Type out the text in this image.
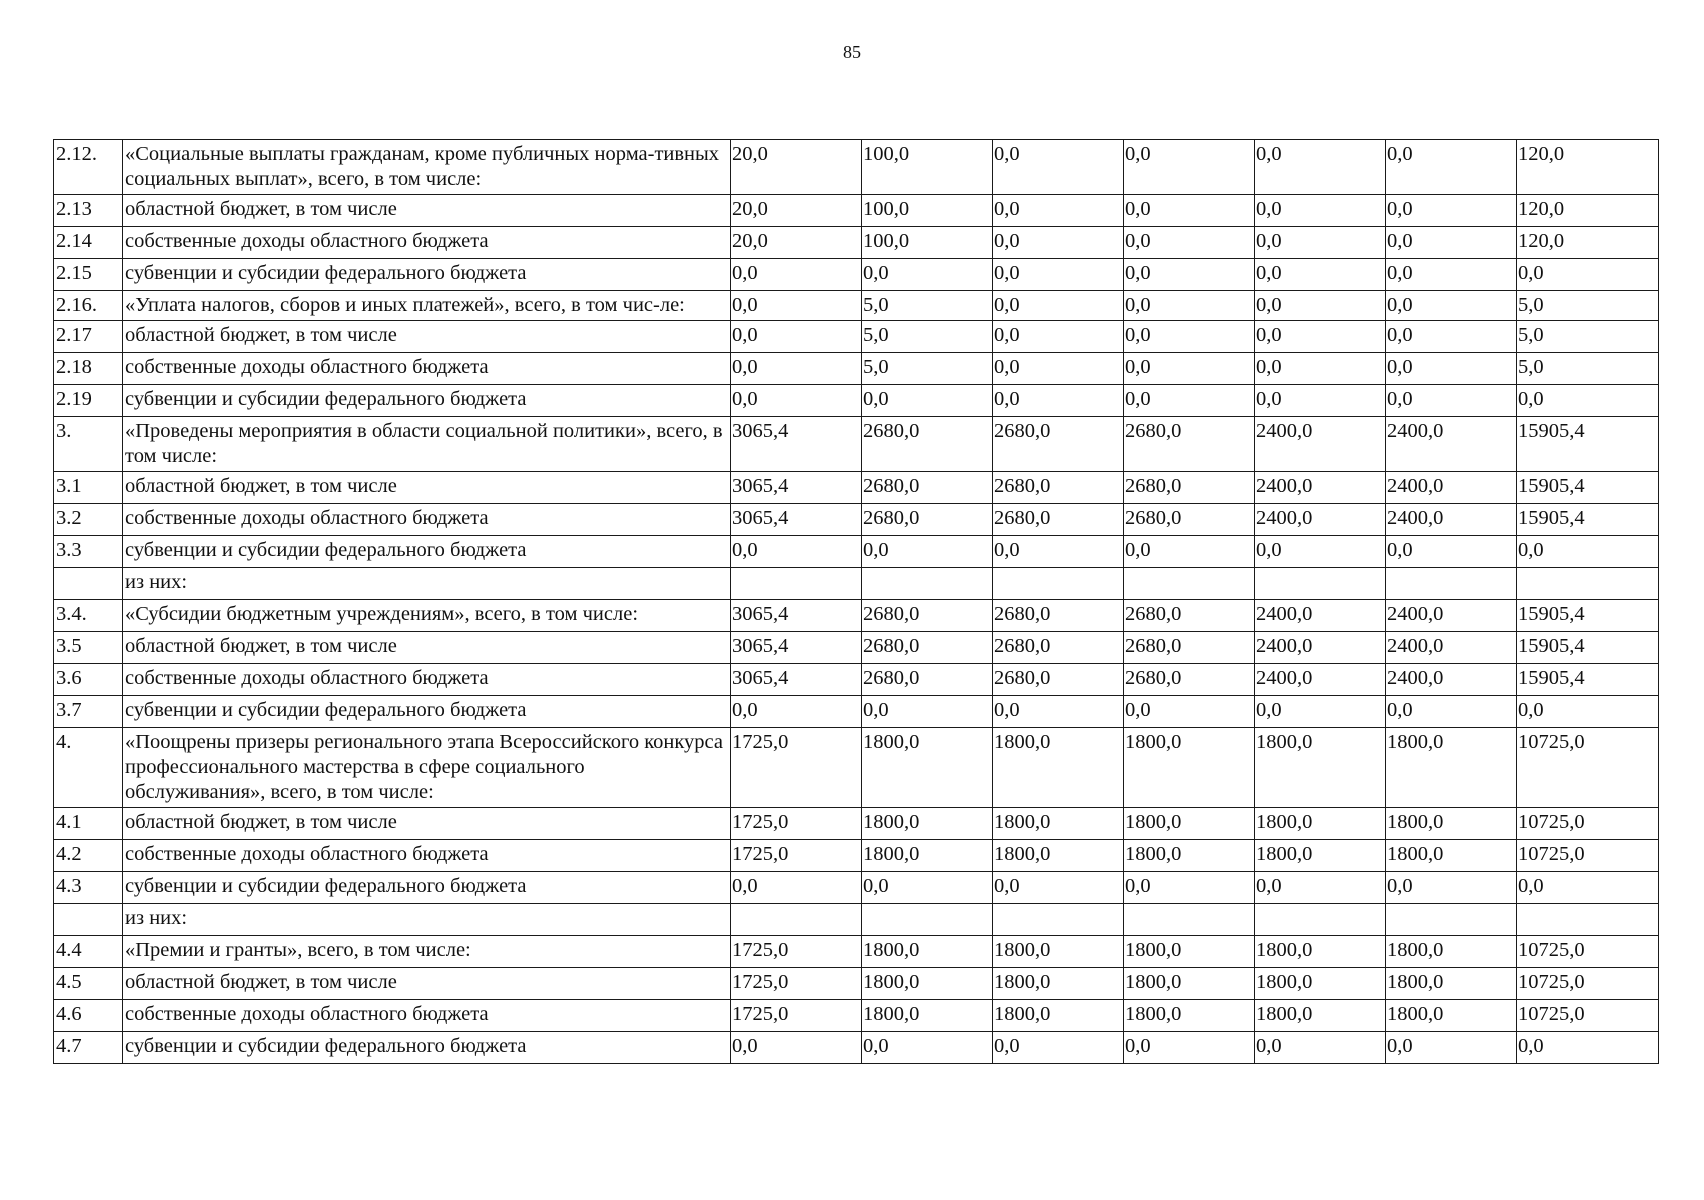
85
2.12.	«Социальные выплаты гражданам, кроме публичных норма-тивных социальных выплат», всего, в том числе:	20,0	100,0	0,0	0,0	0,0	0,0	120,0
2.13	областной бюджет, в том числе	20,0	100,0	0,0	0,0	0,0	0,0	120,0
2.14	собственные доходы областного бюджета	20,0	100,0	0,0	0,0	0,0	0,0	120,0
2.15	субвенции и субсидии федерального бюджета	0,0	0,0	0,0	0,0	0,0	0,0	0,0
2.16.	«Уплата налогов, сборов и иных платежей», всего, в том чис-ле:	0,0	5,0	0,0	0,0	0,0	0,0	5,0
2.17	областной бюджет, в том числе	0,0	5,0	0,0	0,0	0,0	0,0	5,0
2.18	собственные доходы областного бюджета	0,0	5,0	0,0	0,0	0,0	0,0	5,0
2.19	субвенции и субсидии федерального бюджета	0,0	0,0	0,0	0,0	0,0	0,0	0,0
3.	«Проведены мероприятия в области социальной политики», всего, в том числе:	3065,4	2680,0	2680,0	2680,0	2400,0	2400,0	15905,4
3.1	областной бюджет, в том числе	3065,4	2680,0	2680,0	2680,0	2400,0	2400,0	15905,4
3.2	собственные доходы областного бюджета	3065,4	2680,0	2680,0	2680,0	2400,0	2400,0	15905,4
3.3	субвенции и субсидии федерального бюджета	0,0	0,0	0,0	0,0	0,0	0,0	0,0
	из них:							
3.4.	«Субсидии бюджетным учреждениям», всего, в том числе:	3065,4	2680,0	2680,0	2680,0	2400,0	2400,0	15905,4
3.5	областной бюджет, в том числе	3065,4	2680,0	2680,0	2680,0	2400,0	2400,0	15905,4
3.6	собственные доходы областного бюджета	3065,4	2680,0	2680,0	2680,0	2400,0	2400,0	15905,4
3.7	субвенции и субсидии федерального бюджета	0,0	0,0	0,0	0,0	0,0	0,0	0,0
4.	«Поощрены призеры регионального этапа Всероссийского конкурса профессионального мастерства в сфере социального обслуживания», всего, в том числе:	1725,0	1800,0	1800,0	1800,0	1800,0	1800,0	10725,0
4.1	областной бюджет, в том числе	1725,0	1800,0	1800,0	1800,0	1800,0	1800,0	10725,0
4.2	собственные доходы областного бюджета	1725,0	1800,0	1800,0	1800,0	1800,0	1800,0	10725,0
4.3	субвенции и субсидии федерального бюджета	0,0	0,0	0,0	0,0	0,0	0,0	0,0
	из них:							
4.4	«Премии и гранты», всего, в том числе:	1725,0	1800,0	1800,0	1800,0	1800,0	1800,0	10725,0
4.5	областной бюджет, в том числе	1725,0	1800,0	1800,0	1800,0	1800,0	1800,0	10725,0
4.6	собственные доходы областного бюджета	1725,0	1800,0	1800,0	1800,0	1800,0	1800,0	10725,0
4.7	субвенции и субсидии федерального бюджета	0,0	0,0	0,0	0,0	0,0	0,0	0,0
